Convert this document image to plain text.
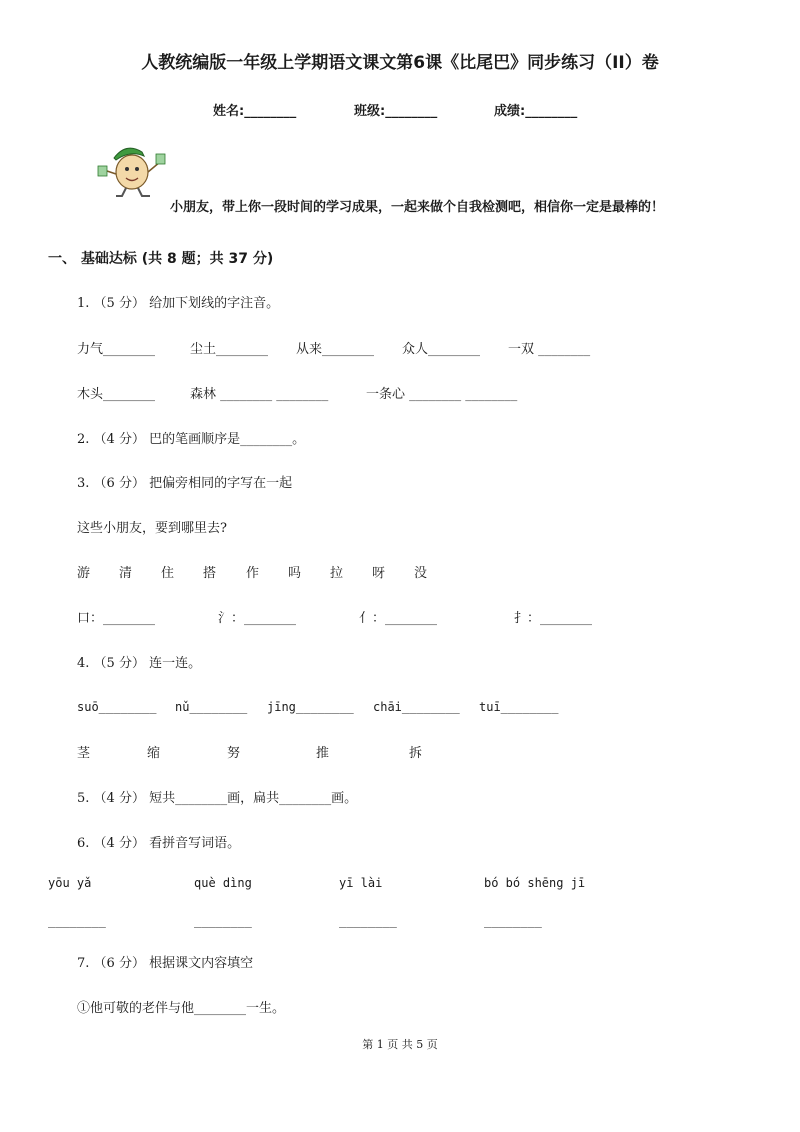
人教统编版一年级上学期语文课文第6课《比尾巴》同步练习（II）卷
姓名:________	班级:________	成绩:________
小朋友，带上你一段时间的学习成果，一起来做个自我检测吧，相信你一定是最棒的！
一、 基础达标 (共 8 题；共 37 分)
1. （5 分） 给加下划线的字注音。
力气________	尘土________ 从来________ 众人________ 一双 ________
木头________	森林 ________ ________	一条心 ________ ________
2. （4 分） 巴的笔画顺序是________。
3. （6 分） 把偏旁相同的字写在一起
这些小朋友，要到哪里去?
游 清 住 搭 作 吗 拉 呀 没
口：________	氵：________	亻：________	扌：________
4. （5 分） 连一连。
suō________ nǔ________ jīng________ chāi________ tuī________
茎	缩	努	推	拆
5. （4 分） 短共________画，扁共________画。
6. （4 分） 看拼音写词语。
yōu yǎ	què dìng	yī lài	bó bó shēng jī
________	________	________	________
7. （6 分） 根据课文内容填空
①他可敬的老伴与他________一生。
第 1 页 共 5 页
